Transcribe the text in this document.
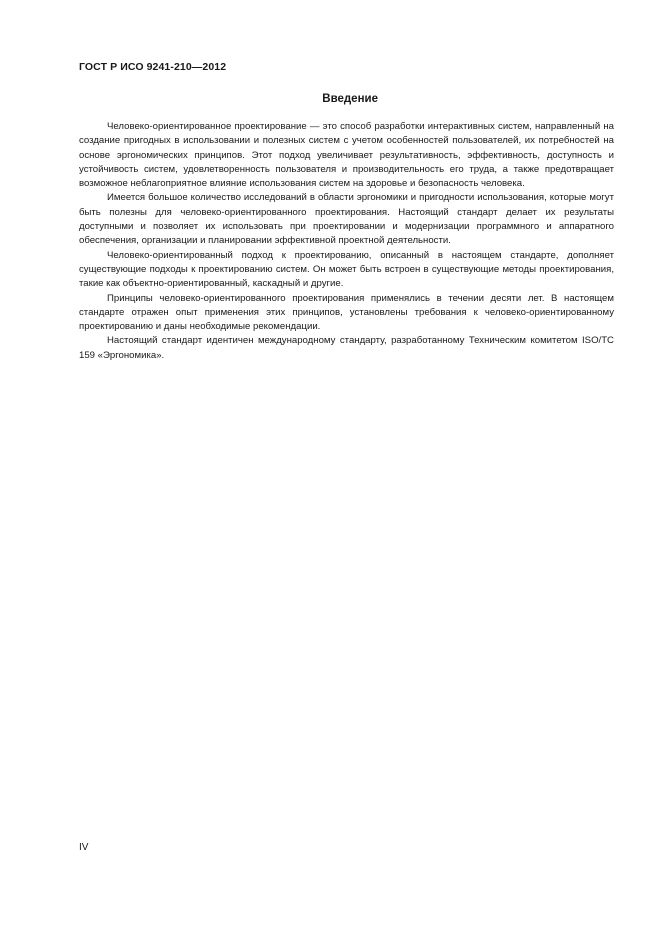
ГОСТ Р ИСО 9241-210—2012
Введение

Человеко-ориентированное проектирование — это способ разработки интерактивных систем, направленный на создание пригодных в использовании и полезных систем с учетом особенностей пользователей, их потребностей на основе эргономических принципов. Этот подход увеличивает результативность, эффективность, доступность и устойчивость систем, удовлетворенность пользователя и производительность его труда, а также предотвращает возможное неблагоприятное влияние использования систем на здоровье и безопасность человека.

Имеется большое количество исследований в области эргономики и пригодности использования, которые могут быть полезны для человеко-ориентированного проектирования. Настоящий стандарт делает их результаты доступными и позволяет их использовать при проектировании и модернизации программного и аппаратного обеспечения, организации и планировании эффективной проектной деятельности.

Человеко-ориентированный подход к проектированию, описанный в настоящем стандарте, дополняет существующие подходы к проектированию систем. Он может быть встроен в существующие методы проектирования, такие как объектно-ориентированный, каскадный и другие.

Принципы человеко-ориентированного проектирования применялись в течении десяти лет. В настоящем стандарте отражен опыт применения этих принципов, установлены требования к человеко-ориентированному проектированию и даны необходимые рекомендации.

Настоящий стандарт идентичен международному стандарту, разработанному Техническим комитетом ISO/TC 159 «Эргономика».

IV
